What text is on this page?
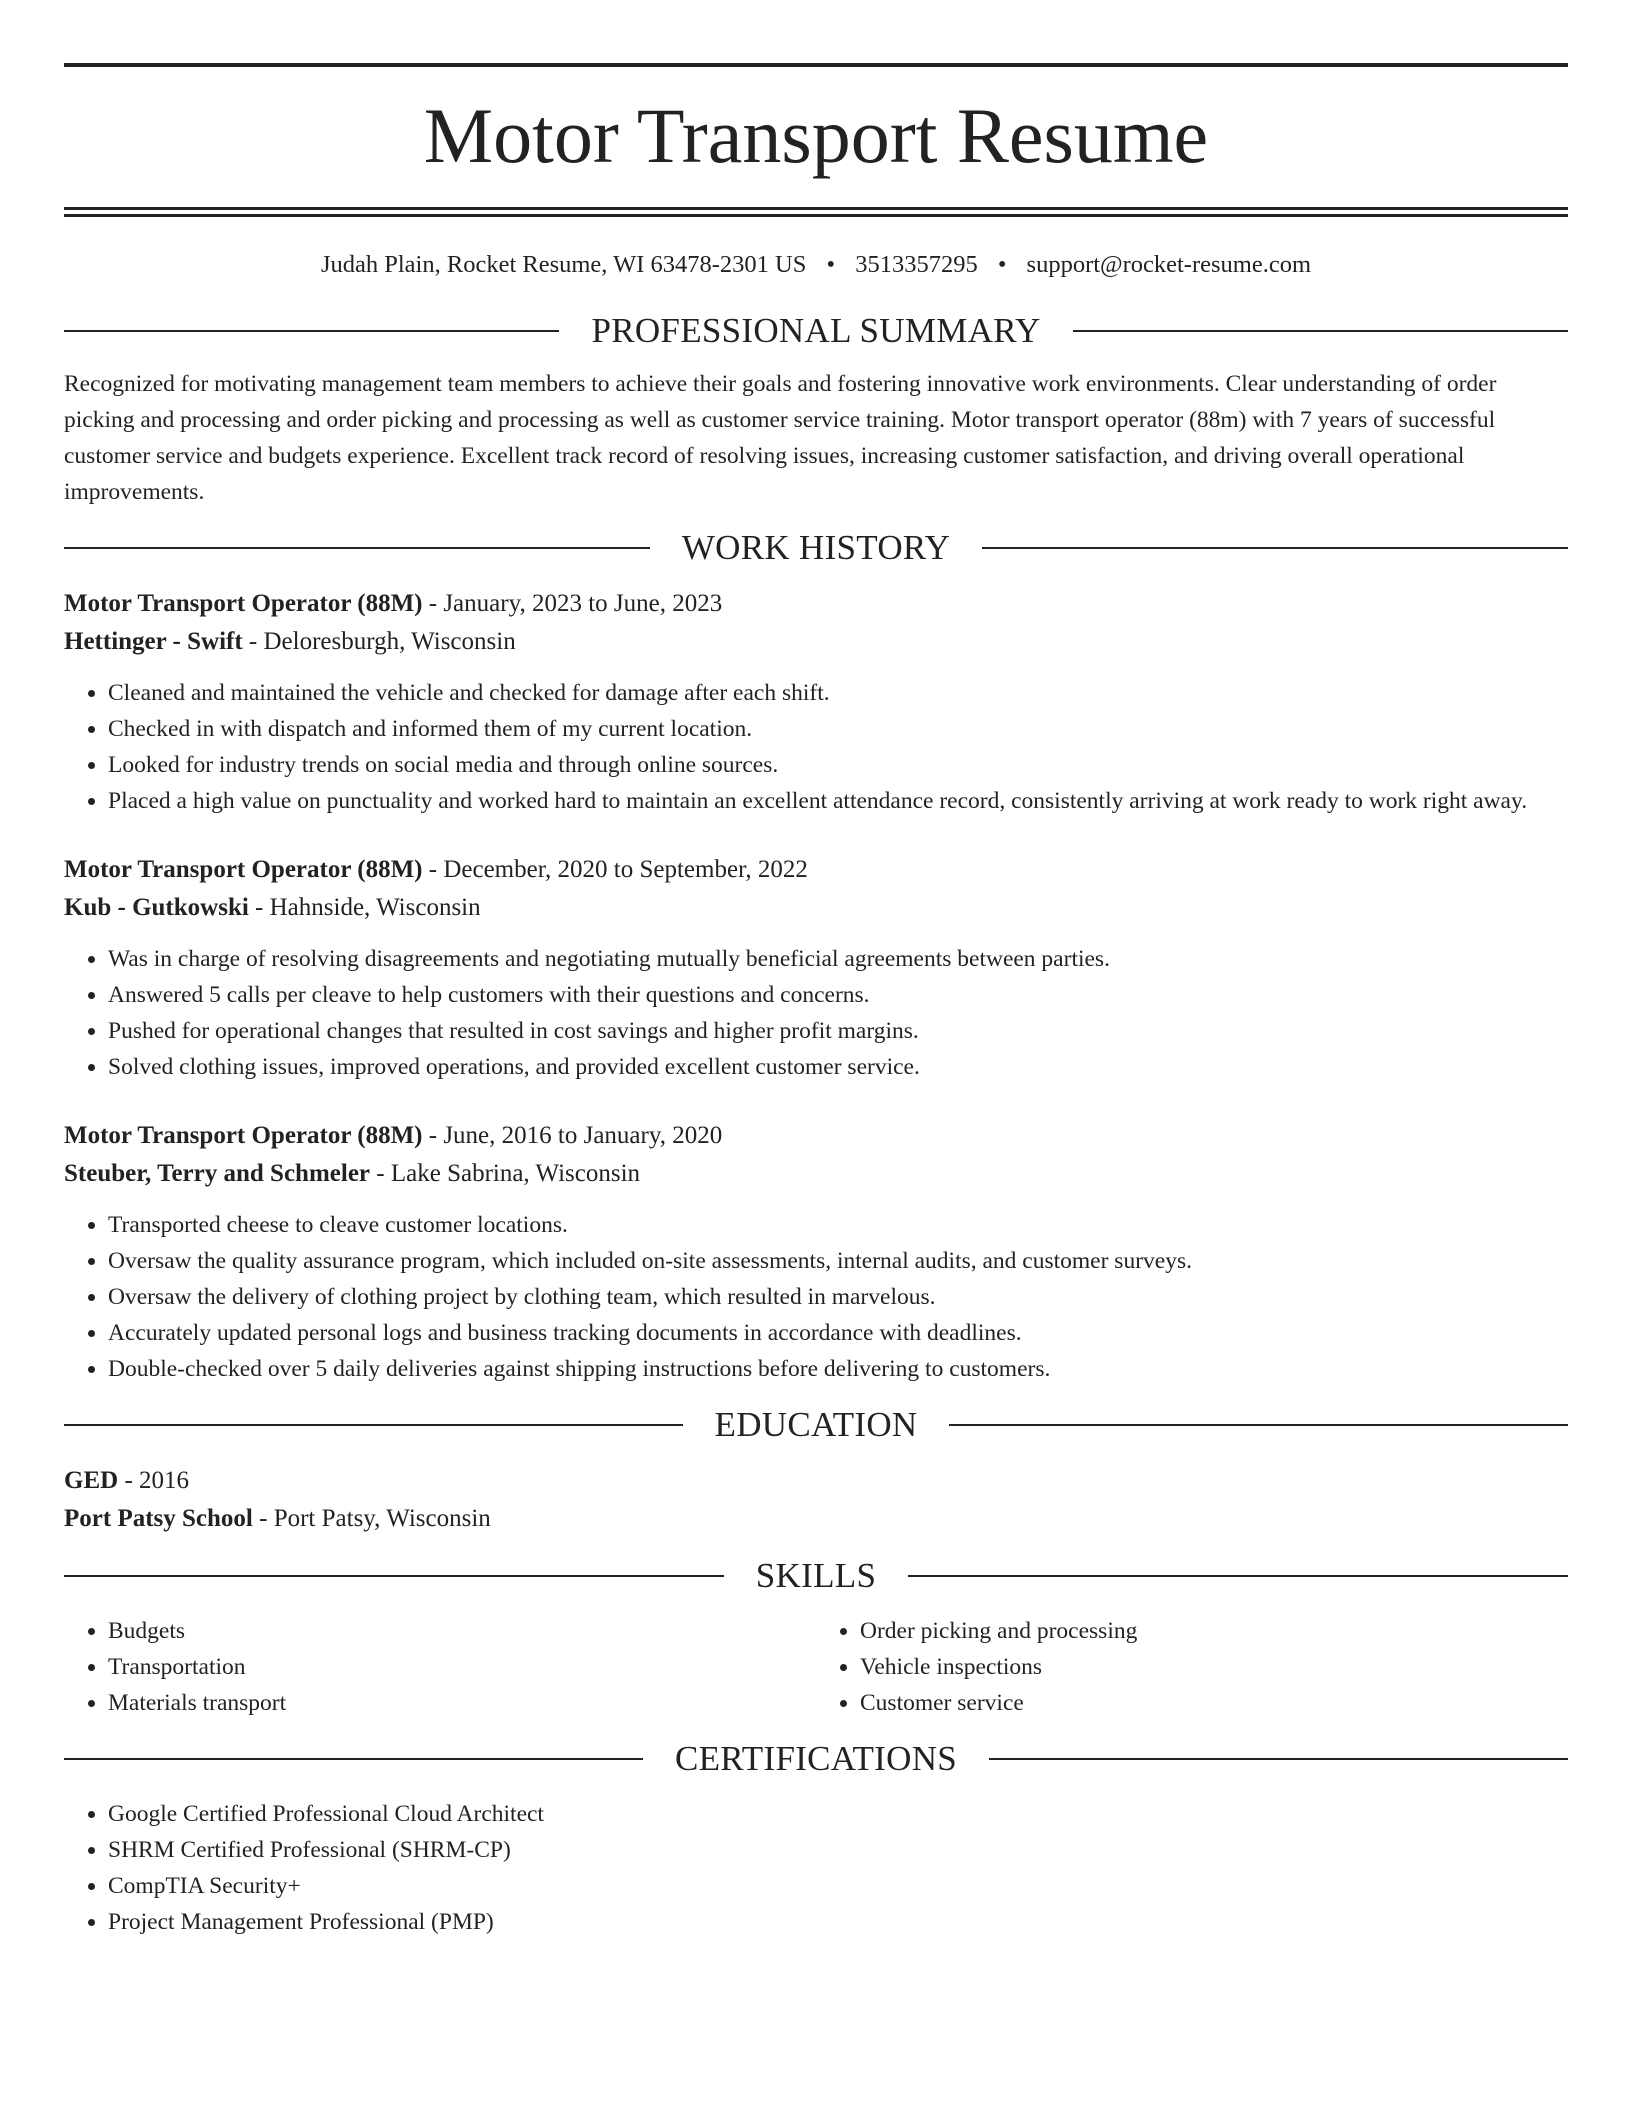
Motor Transport Resume
Judah Plain, Rocket Resume, WI 63478-2301 US • 3513357295 • support@rocket-resume.com
PROFESSIONAL SUMMARY

Recognized for motivating management team members to achieve their goals and fostering innovative work environments. Clear understanding of order picking and processing and order picking and processing as well as customer service training. Motor transport operator (88m) with 7 years of successful customer service and budgets experience. Excellent track record of resolving issues, increasing customer satisfaction, and driving overall operational improvements.

WORK HISTORY
Motor Transport Operator (88M) - January, 2023 to June, 2023
Hettinger - Swift - Deloresburgh, Wisconsin
• Cleaned and maintained the vehicle and checked for damage after each shift.
• Checked in with dispatch and informed them of my current location.
• Looked for industry trends on social media and through online sources.
• Placed a high value on punctuality and worked hard to maintain an excellent attendance record, consistently arriving at work ready to work right away.
Motor Transport Operator (88M) - December, 2020 to September, 2022
Kub - Gutkowski - Hahnside, Wisconsin
• Was in charge of resolving disagreements and negotiating mutually beneficial agreements between parties.
• Answered 5 calls per cleave to help customers with their questions and concerns.
• Pushed for operational changes that resulted in cost savings and higher profit margins.
• Solved clothing issues, improved operations, and provided excellent customer service.
Motor Transport Operator (88M) - June, 2016 to January, 2020
Steuber, Terry and Schmeler - Lake Sabrina, Wisconsin
• Transported cheese to cleave customer locations.
• Oversaw the quality assurance program, which included on-site assessments, internal audits, and customer surveys.
• Oversaw the delivery of clothing project by clothing team, which resulted in marvelous.
• Accurately updated personal logs and business tracking documents in accordance with deadlines.
• Double-checked over 5 daily deliveries against shipping instructions before delivering to customers.
EDUCATION
GED - 2016
Port Patsy School - Port Patsy, Wisconsin
SKILLS
• Budgets
• Transportation
• Materials transport
• Order picking and processing
• Vehicle inspections
• Customer service
CERTIFICATIONS
• Google Certified Professional Cloud Architect
• SHRM Certified Professional (SHRM-CP)
• CompTIA Security+
• Project Management Professional (PMP)
